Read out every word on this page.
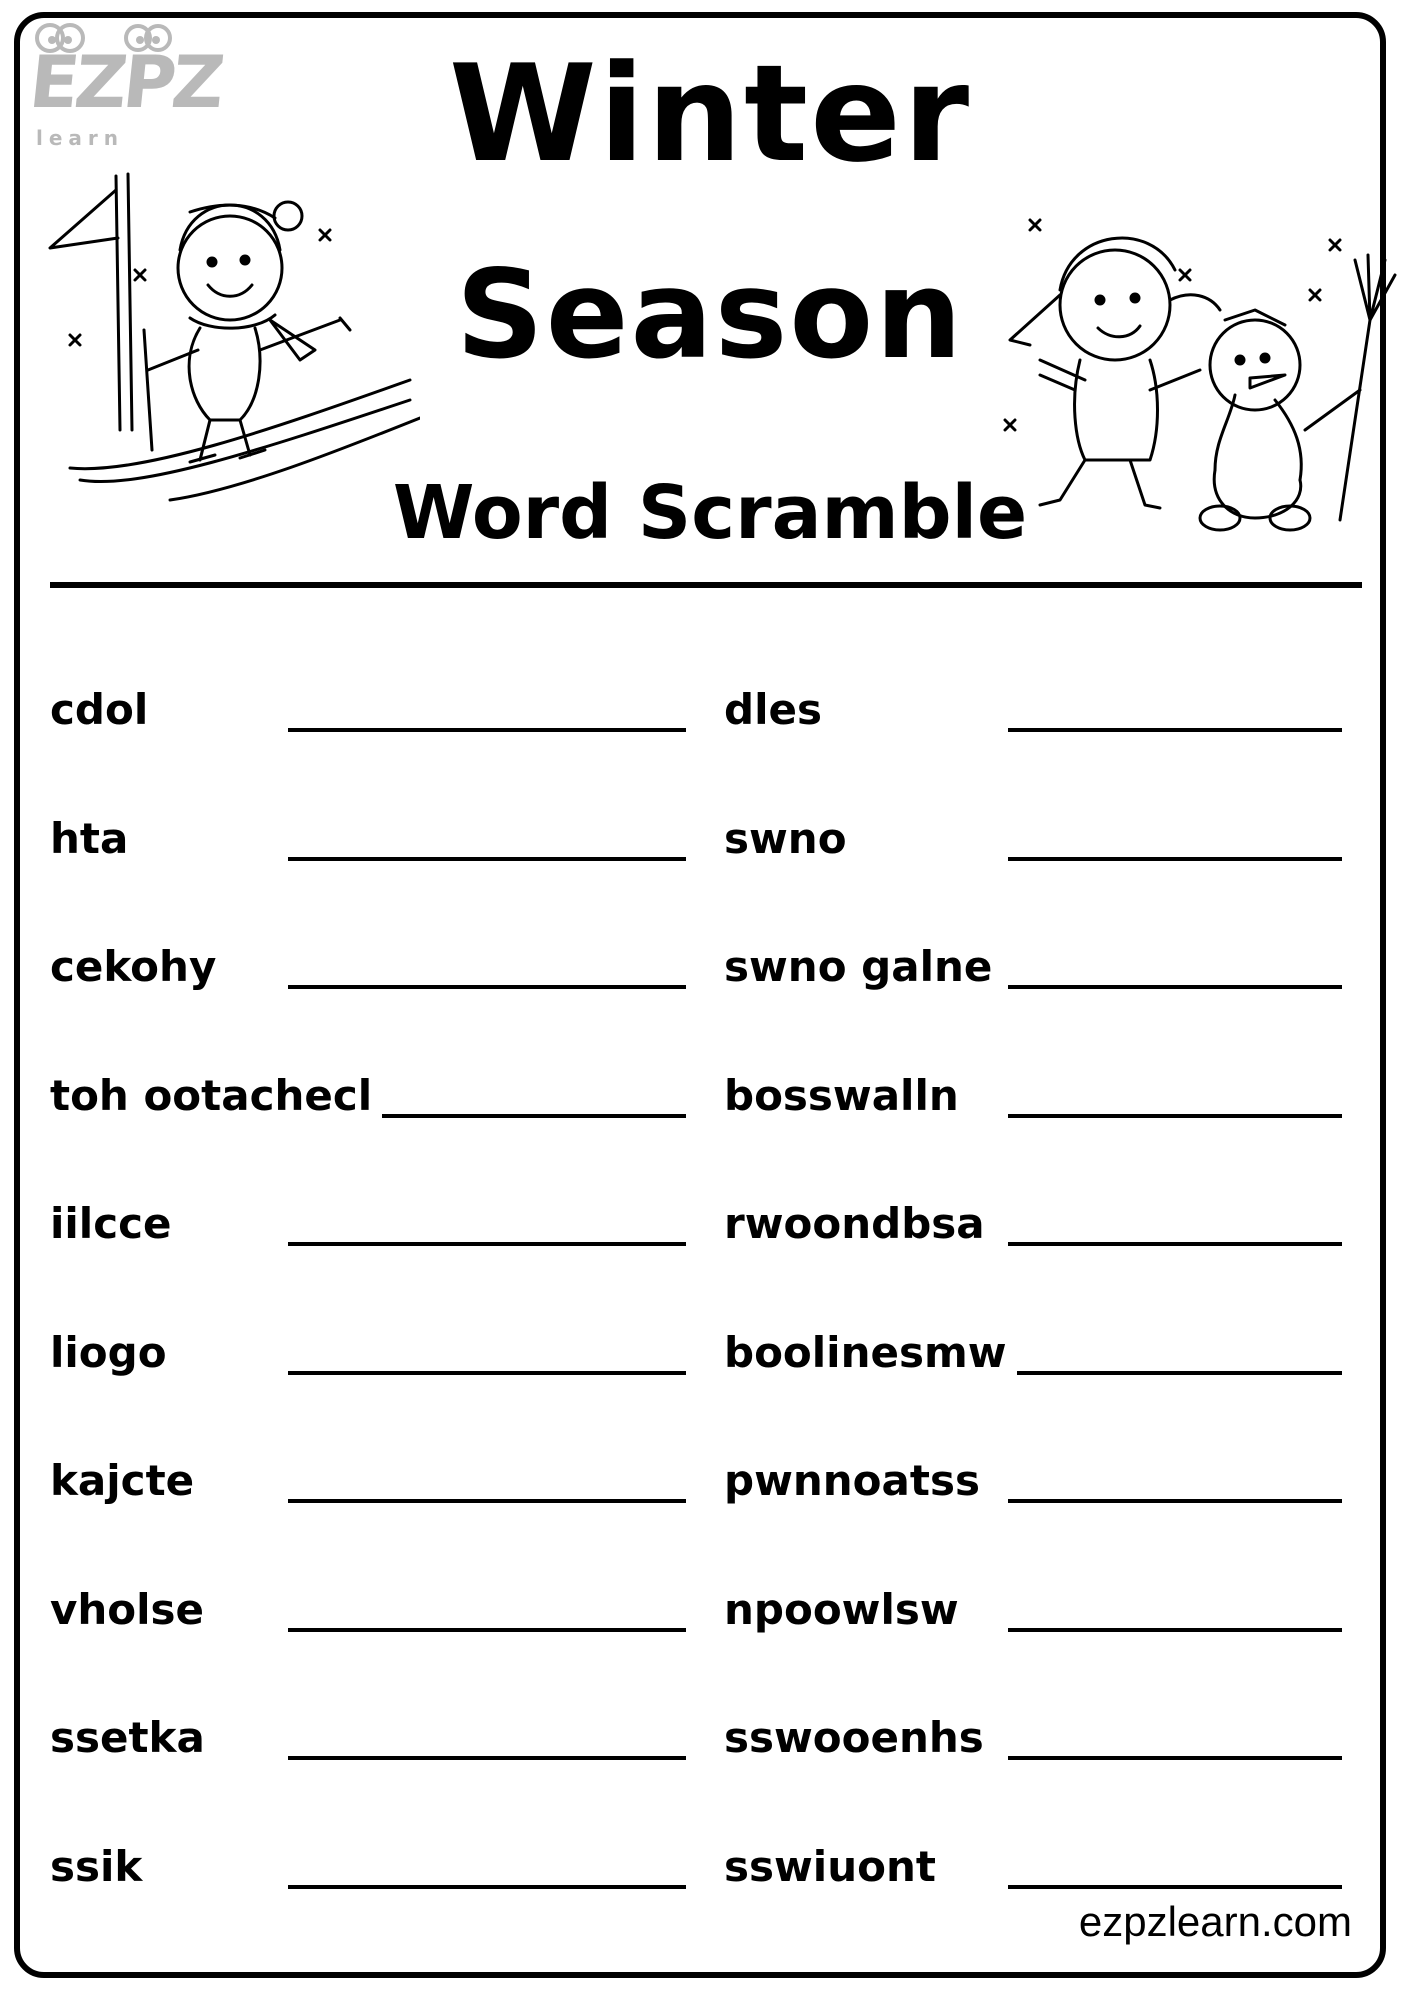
EZPZ
learn	Winter
Season
Word Scramble
cdol
hta
cekohy
toh ootachecl
iilcce
liogo
kajcte
vholse
ssetka
ssik
dles
swno
swno galne
bosswalln
rwoondbsa
boolinesmw
pwnnoatss
npoowlsw
sswooenhs
sswiuont
ezpzlearn.com
